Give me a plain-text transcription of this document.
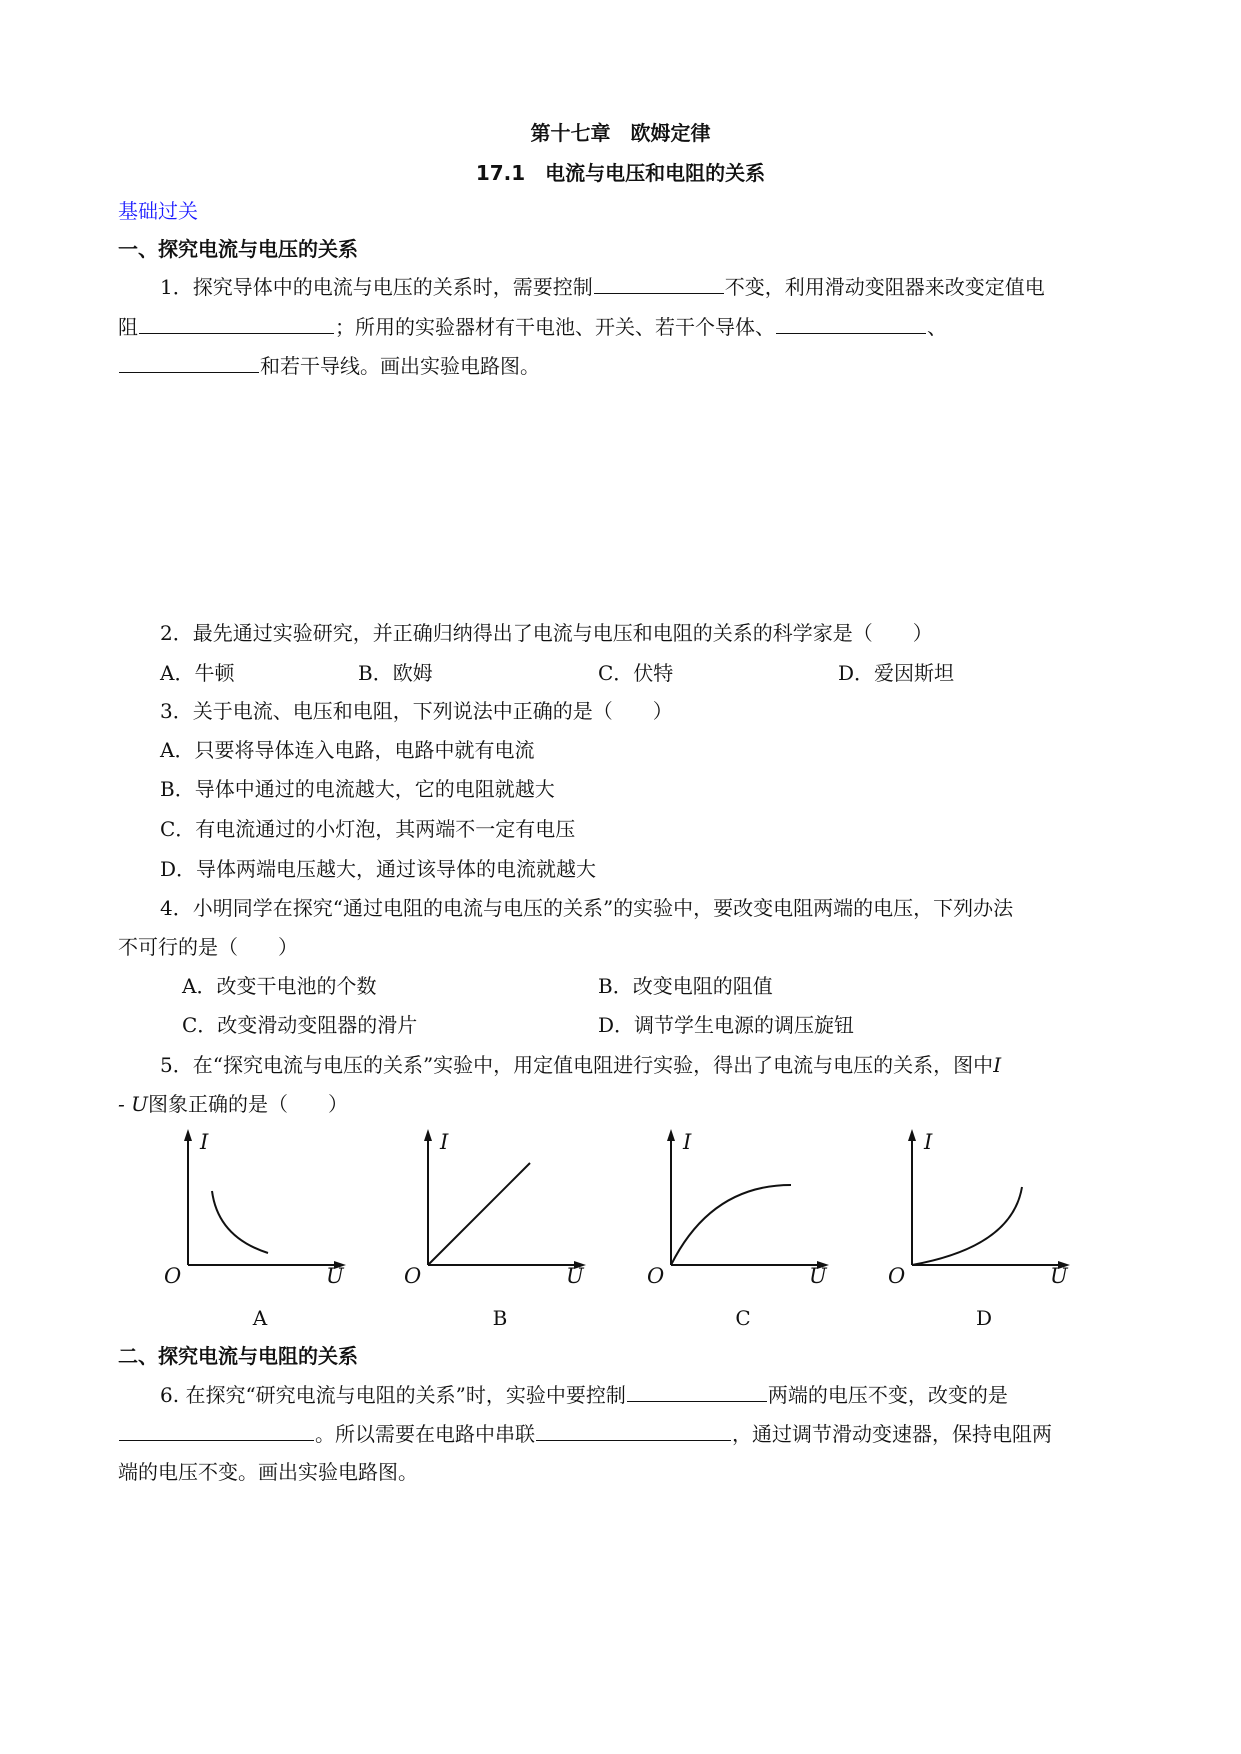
第十七章　欧姆定律
17.1　电流与电压和电阻的关系
基础过关
一、探究电流与电压的关系
1．探究导体中的电流与电压的关系时，需要控制	不变，利用滑动变阻器来改变定值电
阻	；所用的实验器材有干电池、开关、若干个导体、	、
和若干导线。画出实验电路图。
2．最先通过实验研究，并正确归纳得出了电流与电压和电阻的关系的科学家是（　　）
A．牛顿	B．欧姆	C．伏特	D．爱因斯坦
3．关于电流、电压和电阻，下列说法中正确的是（　　）
A．只要将导体连入电路，电路中就有电流
B．导体中通过的电流越大，它的电阻就越大
C．有电流通过的小灯泡，其两端不一定有电压
D．导体两端电压越大，通过该导体的电流就越大
4．小明同学在探究“通过电阻的电流与电压的关系”的实验中，要改变电阻两端的电压，下列办法
不可行的是（　　）
A．改变干电池的个数	B．改变电阻的阻值
C．改变滑动变阻器的滑片	D．调节学生电源的调压旋钮
5．在“探究电流与电压的关系”实验中，用定值电阻进行实验，得出了电流与电压的关系，图中I
- U图象正确的是（　　）
I
O	U
A
I
O	U
B
I
O	U
C
I
O	U
D
二、探究电流与电阻的关系
6. 在探究“研究电流与电阻的关系”时，实验中要控制	两端的电压不变，改变的是
。所以需要在电路中串联	，通过调节滑动变速器，保持电阻两
端的电压不变。画出实验电路图。
